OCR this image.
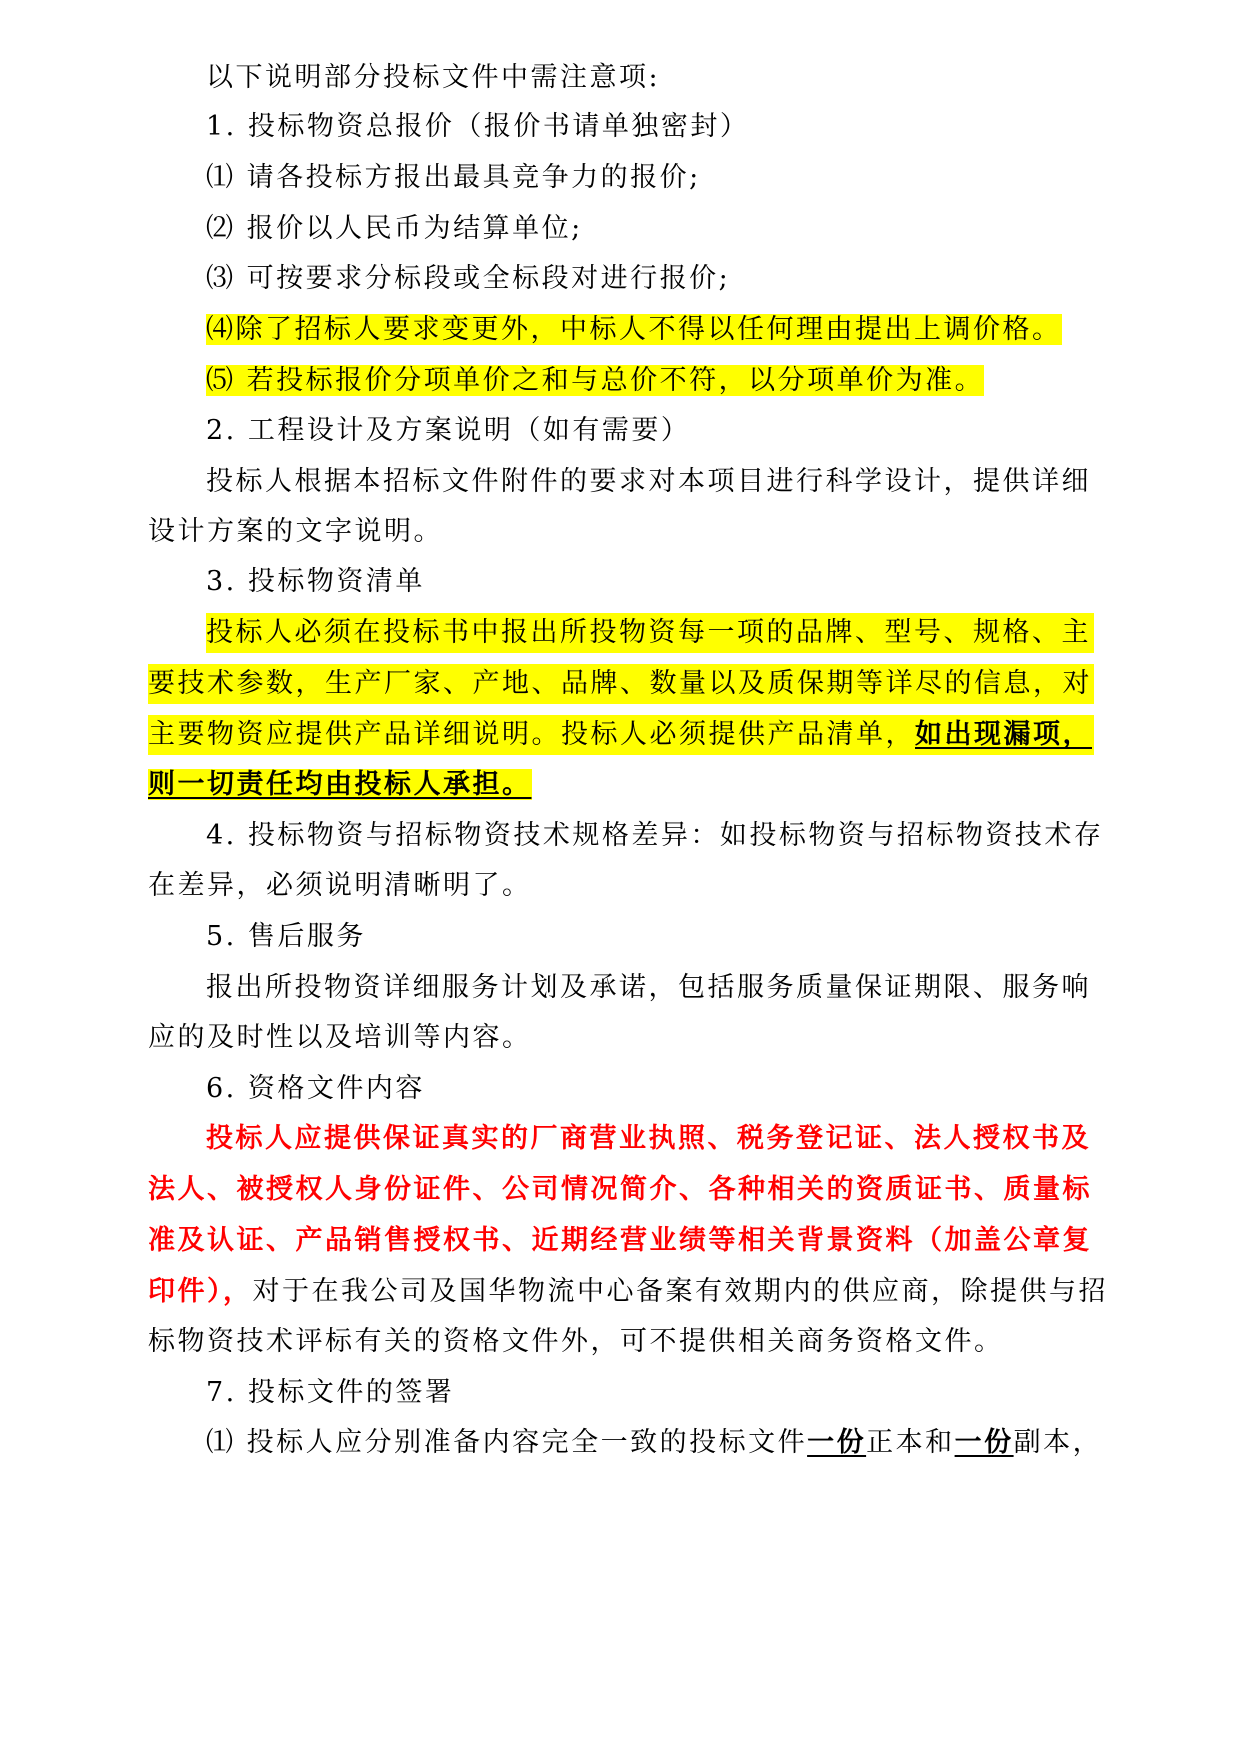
以下说明部分投标文件中需注意项:
1. 投标物资总报价（报价书请单独密封）
⑴ 请各投标方报出最具竞争力的报价;
⑵ 报价以人民币为结算单位;
⑶ 可按要求分标段或全标段对进行报价;
⑷除了招标人要求变更外，中标人不得以任何理由提出上调价格。
⑸ 若投标报价分项单价之和与总价不符，以分项单价为准。
2. 工程设计及方案说明（如有需要）
投标人根据本招标文件附件的要求对本项目进行科学设计，提供详细
设计方案的文字说明。
3. 投标物资清单
投标人必须在投标书中报出所投物资每一项的品牌、型号、规格、主
要技术参数，生产厂家、产地、品牌、数量以及质保期等详尽的信息，对
主要物资应提供产品详细说明。投标人必须提供产品清单，如出现漏项，
则一切责任均由投标人承担。
4. 投标物资与招标物资技术规格差异：如投标物资与招标物资技术存
在差异，必须说明清晰明了。
5. 售后服务
报出所投物资详细服务计划及承诺，包括服务质量保证期限、服务响
应的及时性以及培训等内容。
6. 资格文件内容
投标人应提供保证真实的厂商营业执照、税务登记证、法人授权书及
法人、被授权人身份证件、公司情况简介、各种相关的资质证书、质量标
准及认证、产品销售授权书、近期经营业绩等相关背景资料（加盖公章复
印件），对于在我公司及国华物流中心备案有效期内的供应商，除提供与招
标物资技术评标有关的资格文件外，可不提供相关商务资格文件。
7. 投标文件的签署
⑴ 投标人应分别准备内容完全一致的投标文件一份正本和一份副本，
